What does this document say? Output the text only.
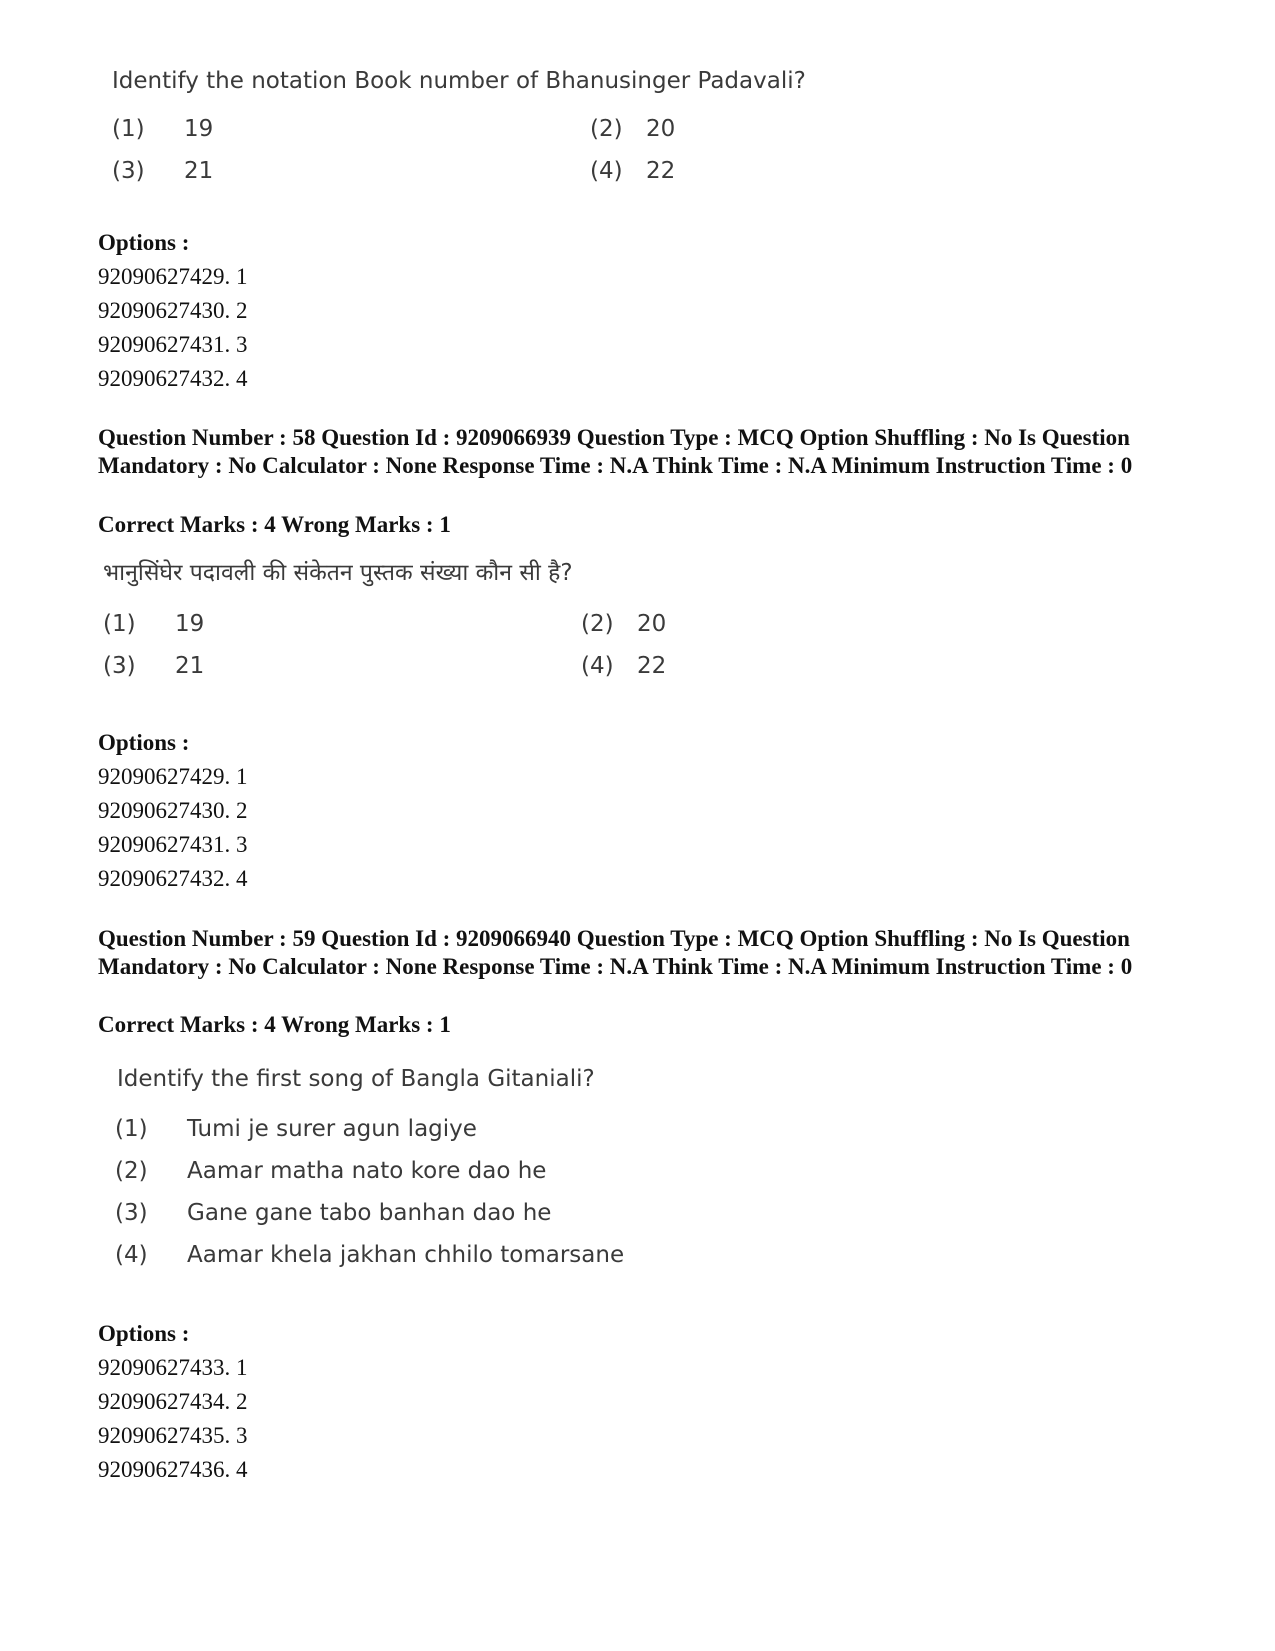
Identify the notation Book number of Bhanusinger Padavali?
(1) 19	(2) 20
(3) 21	(4) 22
Options :
92090627429. 1
92090627430. 2
92090627431. 3
92090627432. 4
Question Number : 58 Question Id : 9209066939 Question Type : MCQ Option Shuffling : No Is Question Mandatory : No Calculator : None Response Time : N.A Think Time : N.A Minimum Instruction Time : 0
Correct Marks : 4 Wrong Marks : 1
भानुसिंघेर पदावली की संकेतन पुस्तक संख्या कौन सी है?
(1) 19	(2) 20
(3) 21	(4) 22
Options :
92090627429. 1
92090627430. 2
92090627431. 3
92090627432. 4
Question Number : 59 Question Id : 9209066940 Question Type : MCQ Option Shuffling : No Is Question Mandatory : No Calculator : None Response Time : N.A Think Time : N.A Minimum Instruction Time : 0
Correct Marks : 4 Wrong Marks : 1
Identify the first song of Bangla Gitaniali?
(1) Tumi je surer agun lagiye
(2) Aamar matha nato kore dao he
(3) Gane gane tabo banhan dao he
(4) Aamar khela jakhan chhilo tomarsane
Options :
92090627433. 1
92090627434. 2
92090627435. 3
92090627436. 4
